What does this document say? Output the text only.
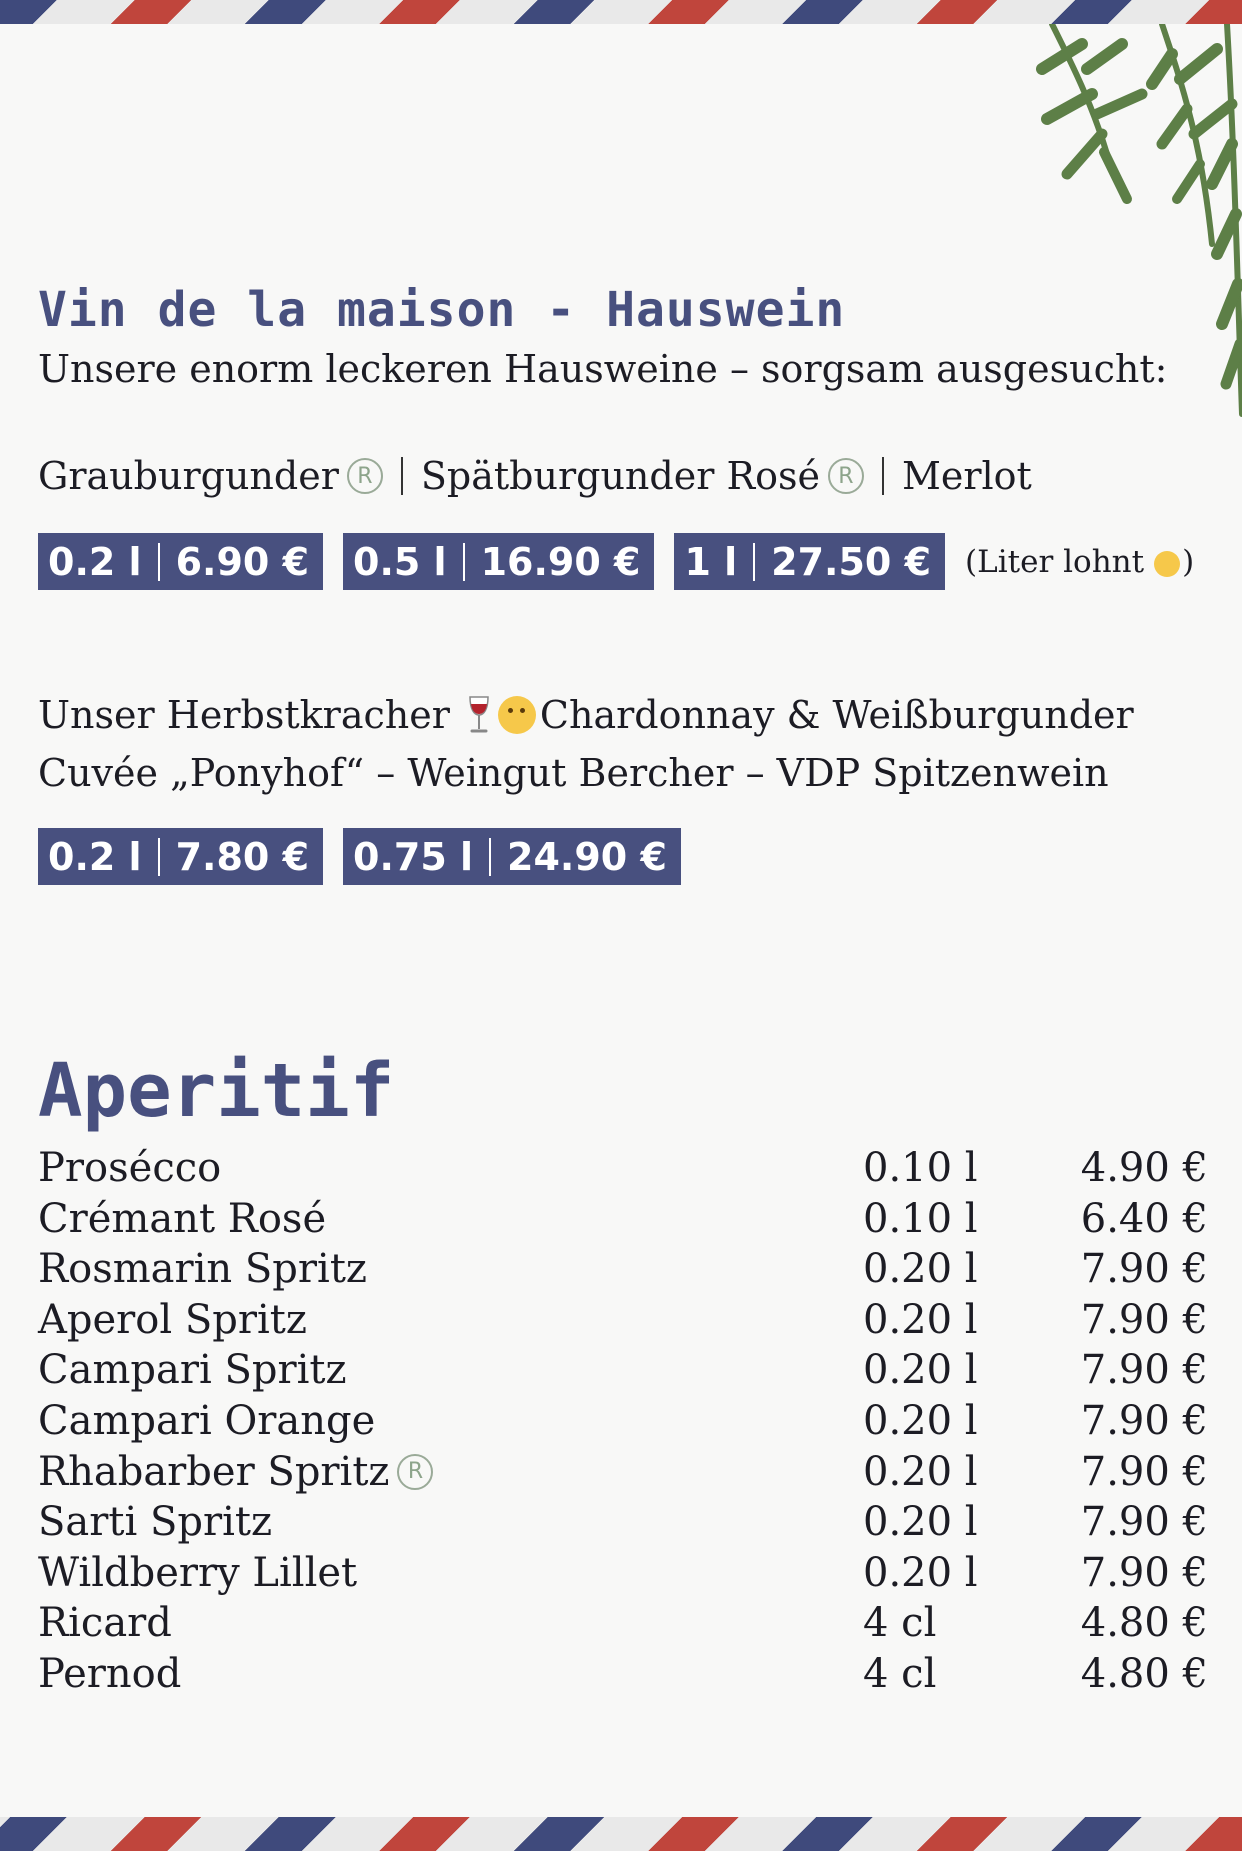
Vin de la maison - Hauswein
Unsere enorm leckeren Hausweine – sorgsam ausgesucht:
Grauburgunder R Spätburgunder Rosé R Merlot
0.2 l 6.90 € 0.5 l 16.90 € 1 l 27.50 € (Liter lohnt )
Unser Herbstkracher Chardonnay & Weißburgunder
Cuvée „Ponyhof“ – Weingut Bercher – VDP Spitzenwein
0.2 l 7.80 € 0.75 l 24.90 €
Aperitif
Prosécco	0.10 l	4.90 €
Crémant Rosé	0.10 l	6.40 €
Rosmarin Spritz	0.20 l	7.90 €
Aperol Spritz	0.20 l	7.90 €
Campari Spritz	0.20 l	7.90 €
Campari Orange	0.20 l	7.90 €
Rhabarber Spritz R	0.20 l	7.90 €
Sarti Spritz	0.20 l	7.90 €
Wildberry Lillet	0.20 l	7.90 €
Ricard	4 cl	4.80 €
Pernod	4 cl	4.80 €
